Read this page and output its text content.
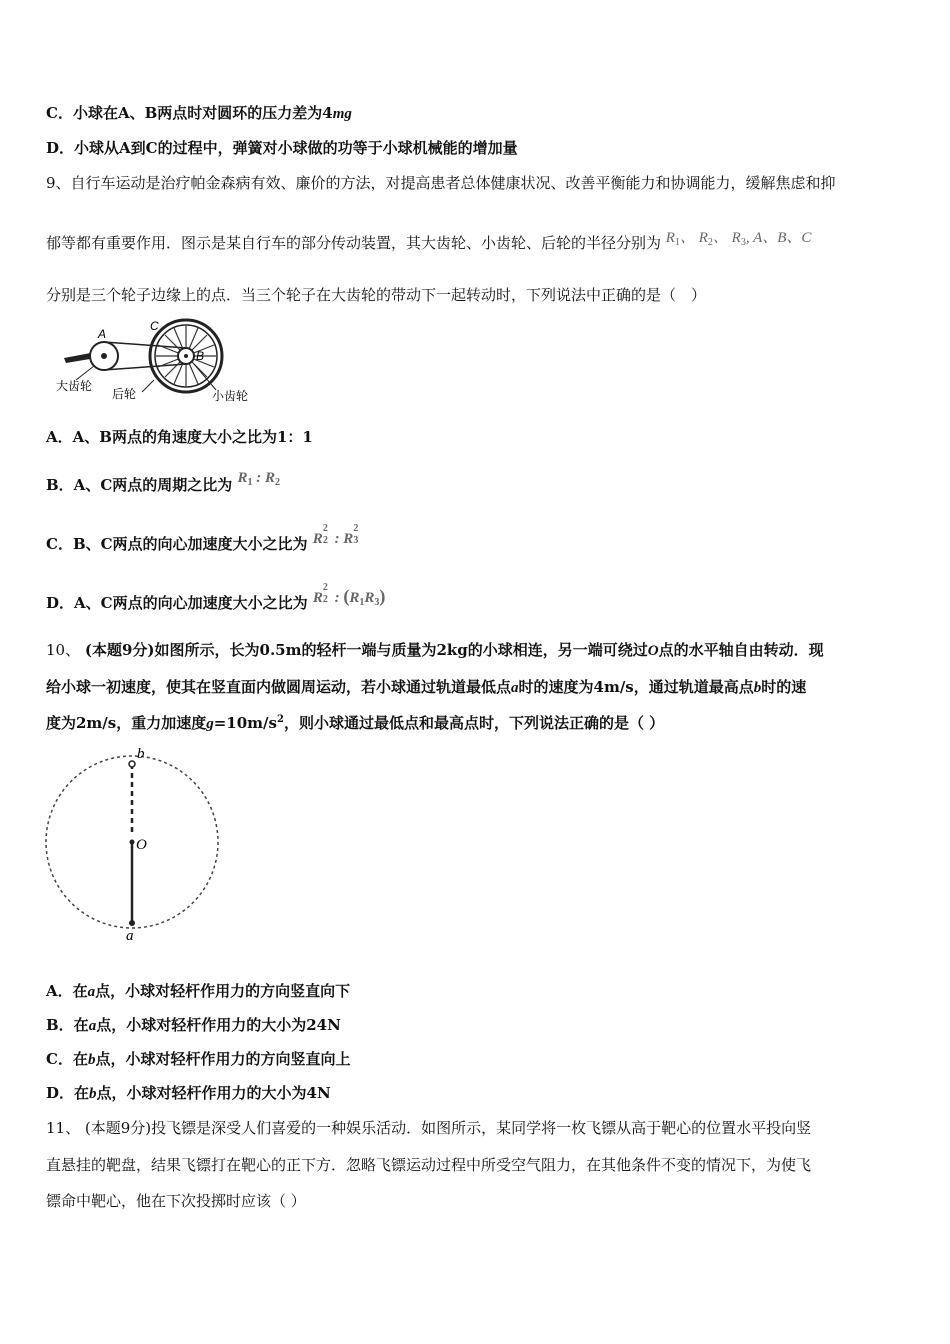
C．小球在A、B两点时对圆环的压力差为4mg
D．小球从A到C的过程中，弹簧对小球做的功等于小球机械能的增加量
9、自行车运动是治疗帕金森病有效、廉价的方法，对提高患者总体健康状况、改善平衡能力和协调能力，缓解焦虑和抑
郁等都有重要作用．图示是某自行车的部分传动装置，其大齿轮、小齿轮、后轮的半径分别为 $R_1$、 $R_2$、 $R_3$, A、B、C
分别是三个轮子边缘上的点．当三个轮子在大齿轮的带动下一起转动时，下列说法中正确的是（　）
A
B
C
大齿轮
后轮	小齿轮
A．A、B两点的角速度大小之比为1：1
B．A、C两点的周期之比为 $R_1$ : $R_2$
C．B、C两点的向心加速度大小之比为 R
2
2 : R
2
3
D．A、C两点的向心加速度大小之比为 R
2
2 : $(R_1R_3)$
10、 (本题9分)如图所示，长为0.5m的轻杆一端与质量为2kg的小球相连，另一端可绕过O点的水平轴自由转动．现
给小球一初速度，使其在竖直面内做圆周运动，若小球通过轨道最低点a时的速度为4m/s，通过轨道最高点b时的速
度为2m/s，重力加速度$g=10m/s^2$，则小球通过最低点和最高点时，下列说法正确的是（ ）
b
O
a
A．在a点，小球对轻杆作用力的方向竖直向下
B．在a点，小球对轻杆作用力的大小为24N
C．在b点，小球对轻杆作用力的方向竖直向上
D．在b点，小球对轻杆作用力的大小为4N
11、 (本题9分)投飞镖是深受人们喜爱的一种娱乐活动．如图所示，某同学将一枚飞镖从高于靶心的位置水平投向竖
直悬挂的靶盘，结果飞镖打在靶心的正下方．忽略飞镖运动过程中所受空气阻力，在其他条件不变的情况下，为使飞
镖命中靶心，他在下次投掷时应该（ ）
